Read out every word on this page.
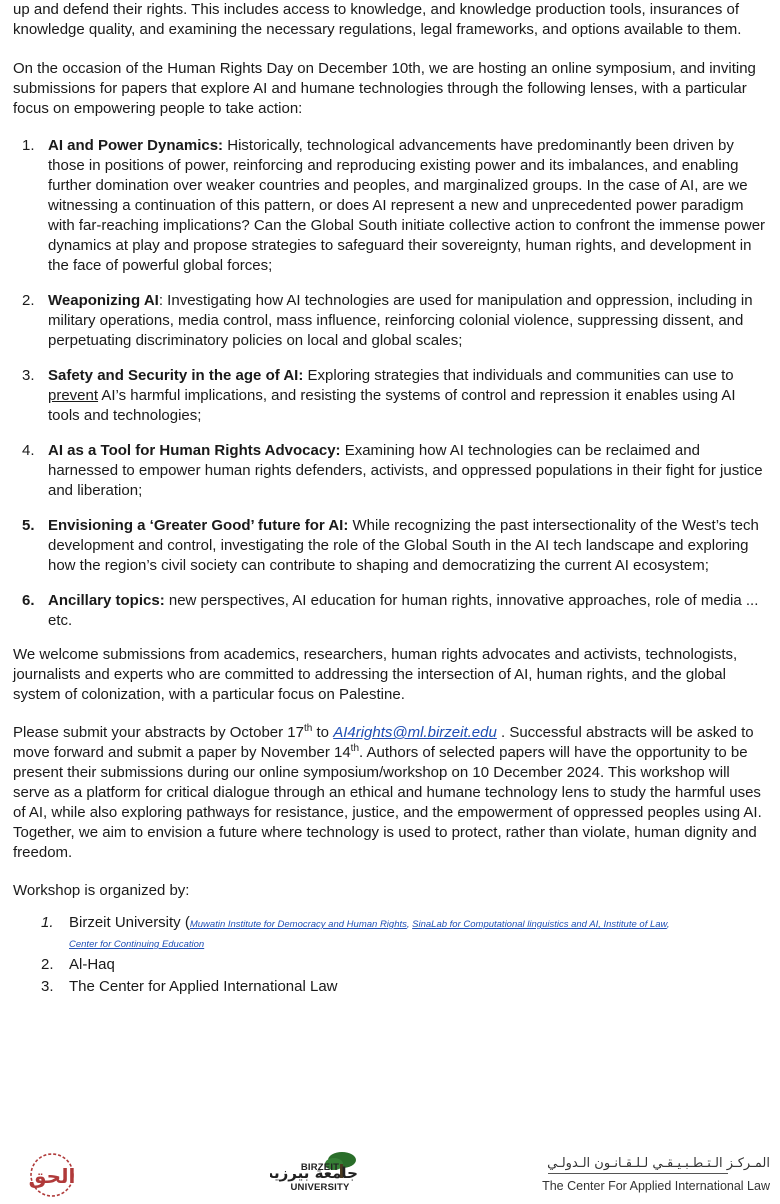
up and defend their rights. This includes access to knowledge, and knowledge production tools, insurances of knowledge quality, and examining the necessary regulations, legal frameworks, and options available to them.

On the occasion of the Human Rights Day on December 10th, we are hosting an online symposium, and inviting submissions for papers that explore AI and humane technologies through the following lenses, with a particular focus on empowering people to take action:

1. AI and Power Dynamics: Historically, technological advancements have predominantly been driven by those in positions of power, reinforcing and reproducing existing power and its imbalances, and enabling further domination over weaker countries and peoples, and marginalized groups. In the case of AI, are we witnessing a continuation of this pattern, or does AI represent a new and unprecedented power paradigm with far-reaching implications? Can the Global South initiate collective action to confront the immense power dynamics at play and propose strategies to safeguard their sovereignty, human rights, and development in the face of powerful global forces;
2. Weaponizing AI: Investigating how AI technologies are used for manipulation and oppression, including in military operations, media control, mass influence, reinforcing colonial violence, suppressing dissent, and perpetuating discriminatory policies on local and global scales;
3. Safety and Security in the age of AI: Exploring strategies that individuals and communities can use to prevent AI’s harmful implications, and resisting the systems of control and repression it enables using AI tools and technologies;
4. AI as a Tool for Human Rights Advocacy: Examining how AI technologies can be reclaimed and harnessed to empower human rights defenders, activists, and oppressed populations in their fight for justice and liberation;
5. Envisioning a ‘Greater Good’ future for AI: While recognizing the past intersectionality of the West’s tech development and control, investigating the role of the Global South in the AI tech landscape and exploring how the region’s civil society can contribute to shaping and democratizing the current AI ecosystem;
6. Ancillary topics: new perspectives, AI education for human rights, innovative approaches, role of media ... etc.

We welcome submissions from academics, researchers, human rights advocates and activists, technologists, journalists and experts who are committed to addressing the intersection of AI, human rights, and the global system of colonization, with a particular focus on Palestine.

Please submit your abstracts by October 17th to AI4rights@ml.birzeit.edu . Successful abstracts will be asked to move forward and submit a paper by November 14th. Authors of selected papers will have the opportunity to be present their submissions during our online symposium/workshop on 10 December 2024. This workshop will serve as a platform for critical dialogue through an ethical and humane technology lens to study the harmful uses of AI, while also exploring pathways for resistance, justice, and the empowerment of oppressed peoples using AI. Together, we aim to envision a future where technology is used to protect, rather than violate, human dignity and freedom.

Workshop is organized by:

1. Birzeit University (Muwatin Institute for Democracy and Human Rights, SinaLab for Computational linguistics and AI, Institute of Law,
Center for Continuing Education
2. Al-Haq
3. The Center for Applied International Law
الحق	جامعة بيرزي	BIRZEIT UNIVERSITY
المـركـز الـتـطـبـيـقـي لـلـقـانـون الـدولـي
The Center For Applied International Law
